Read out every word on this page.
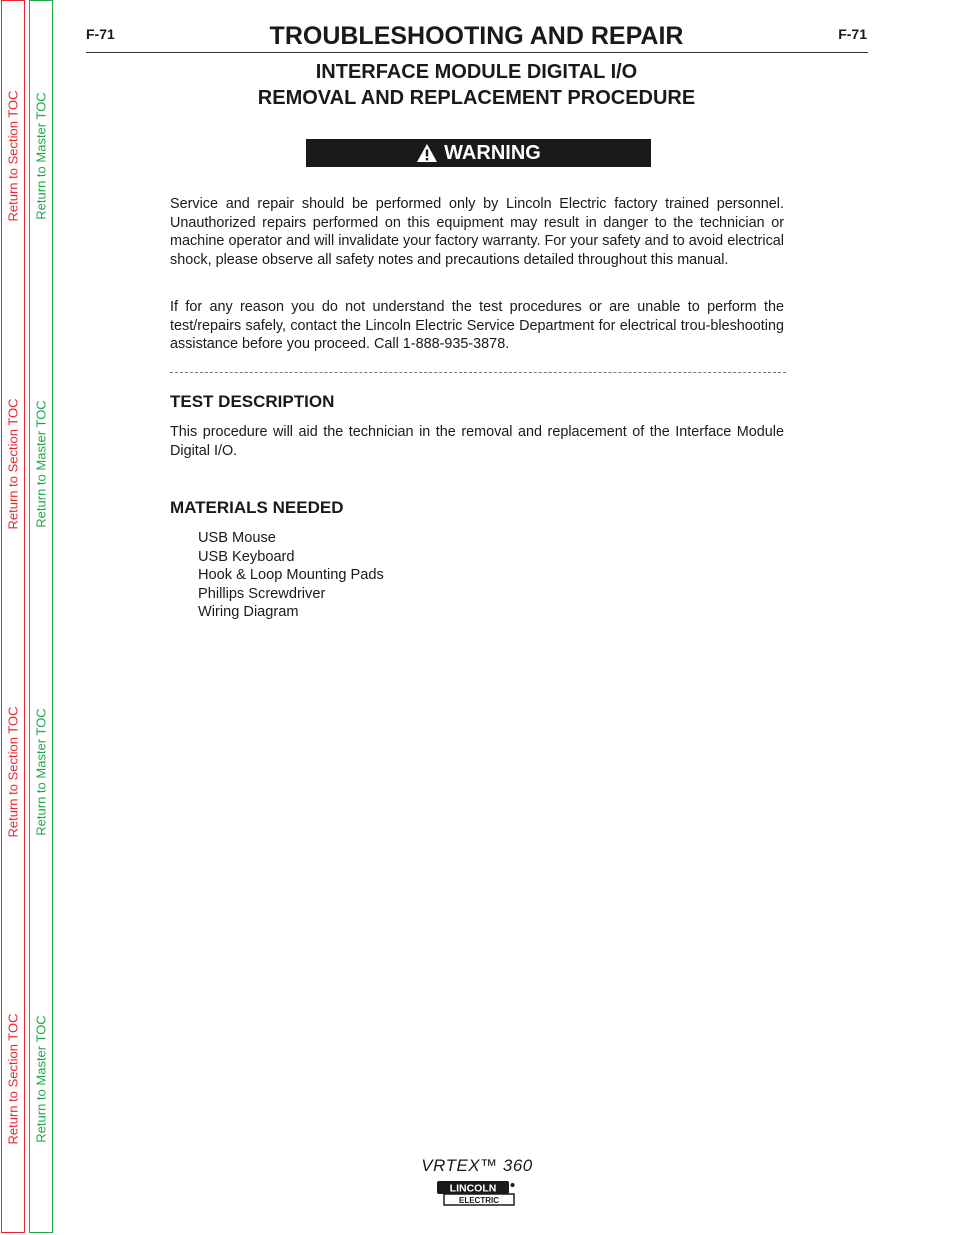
Return to Section TOC
Return to Section TOC
Return to Section TOC
Return to Section TOC
Return to Master TOC
Return to Master TOC
Return to Master TOC
Return to Master TOC
F-71	TROUBLESHOOTING AND REPAIR	F-71
INTERFACE MODULE DIGITAL I/O
REMOVAL AND REPLACEMENT PROCEDURE
WARNING
Service and repair should be performed only by Lincoln Electric factory trained personnel. Unauthorized repairs performed on this equipment may result in danger to the technician or machine operator and will invalidate your factory warranty. For your safety and to avoid electrical shock, please observe all safety notes and precautions detailed throughout this manual.
If for any reason you do not understand the test procedures or are unable to perform the test/repairs safely, contact the Lincoln Electric Service Department for electrical trou-bleshooting assistance before you proceed. Call 1-888-935-3878.
TEST DESCRIPTION
This procedure will aid the technician in the removal and replacement of the Interface Module Digital I/O.
MATERIALS NEEDED
USB Mouse
USB Keyboard
Hook & Loop Mounting Pads
Phillips Screwdriver
Wiring Diagram
VRTEX™ 360
LINCOLN
ELECTRIC
